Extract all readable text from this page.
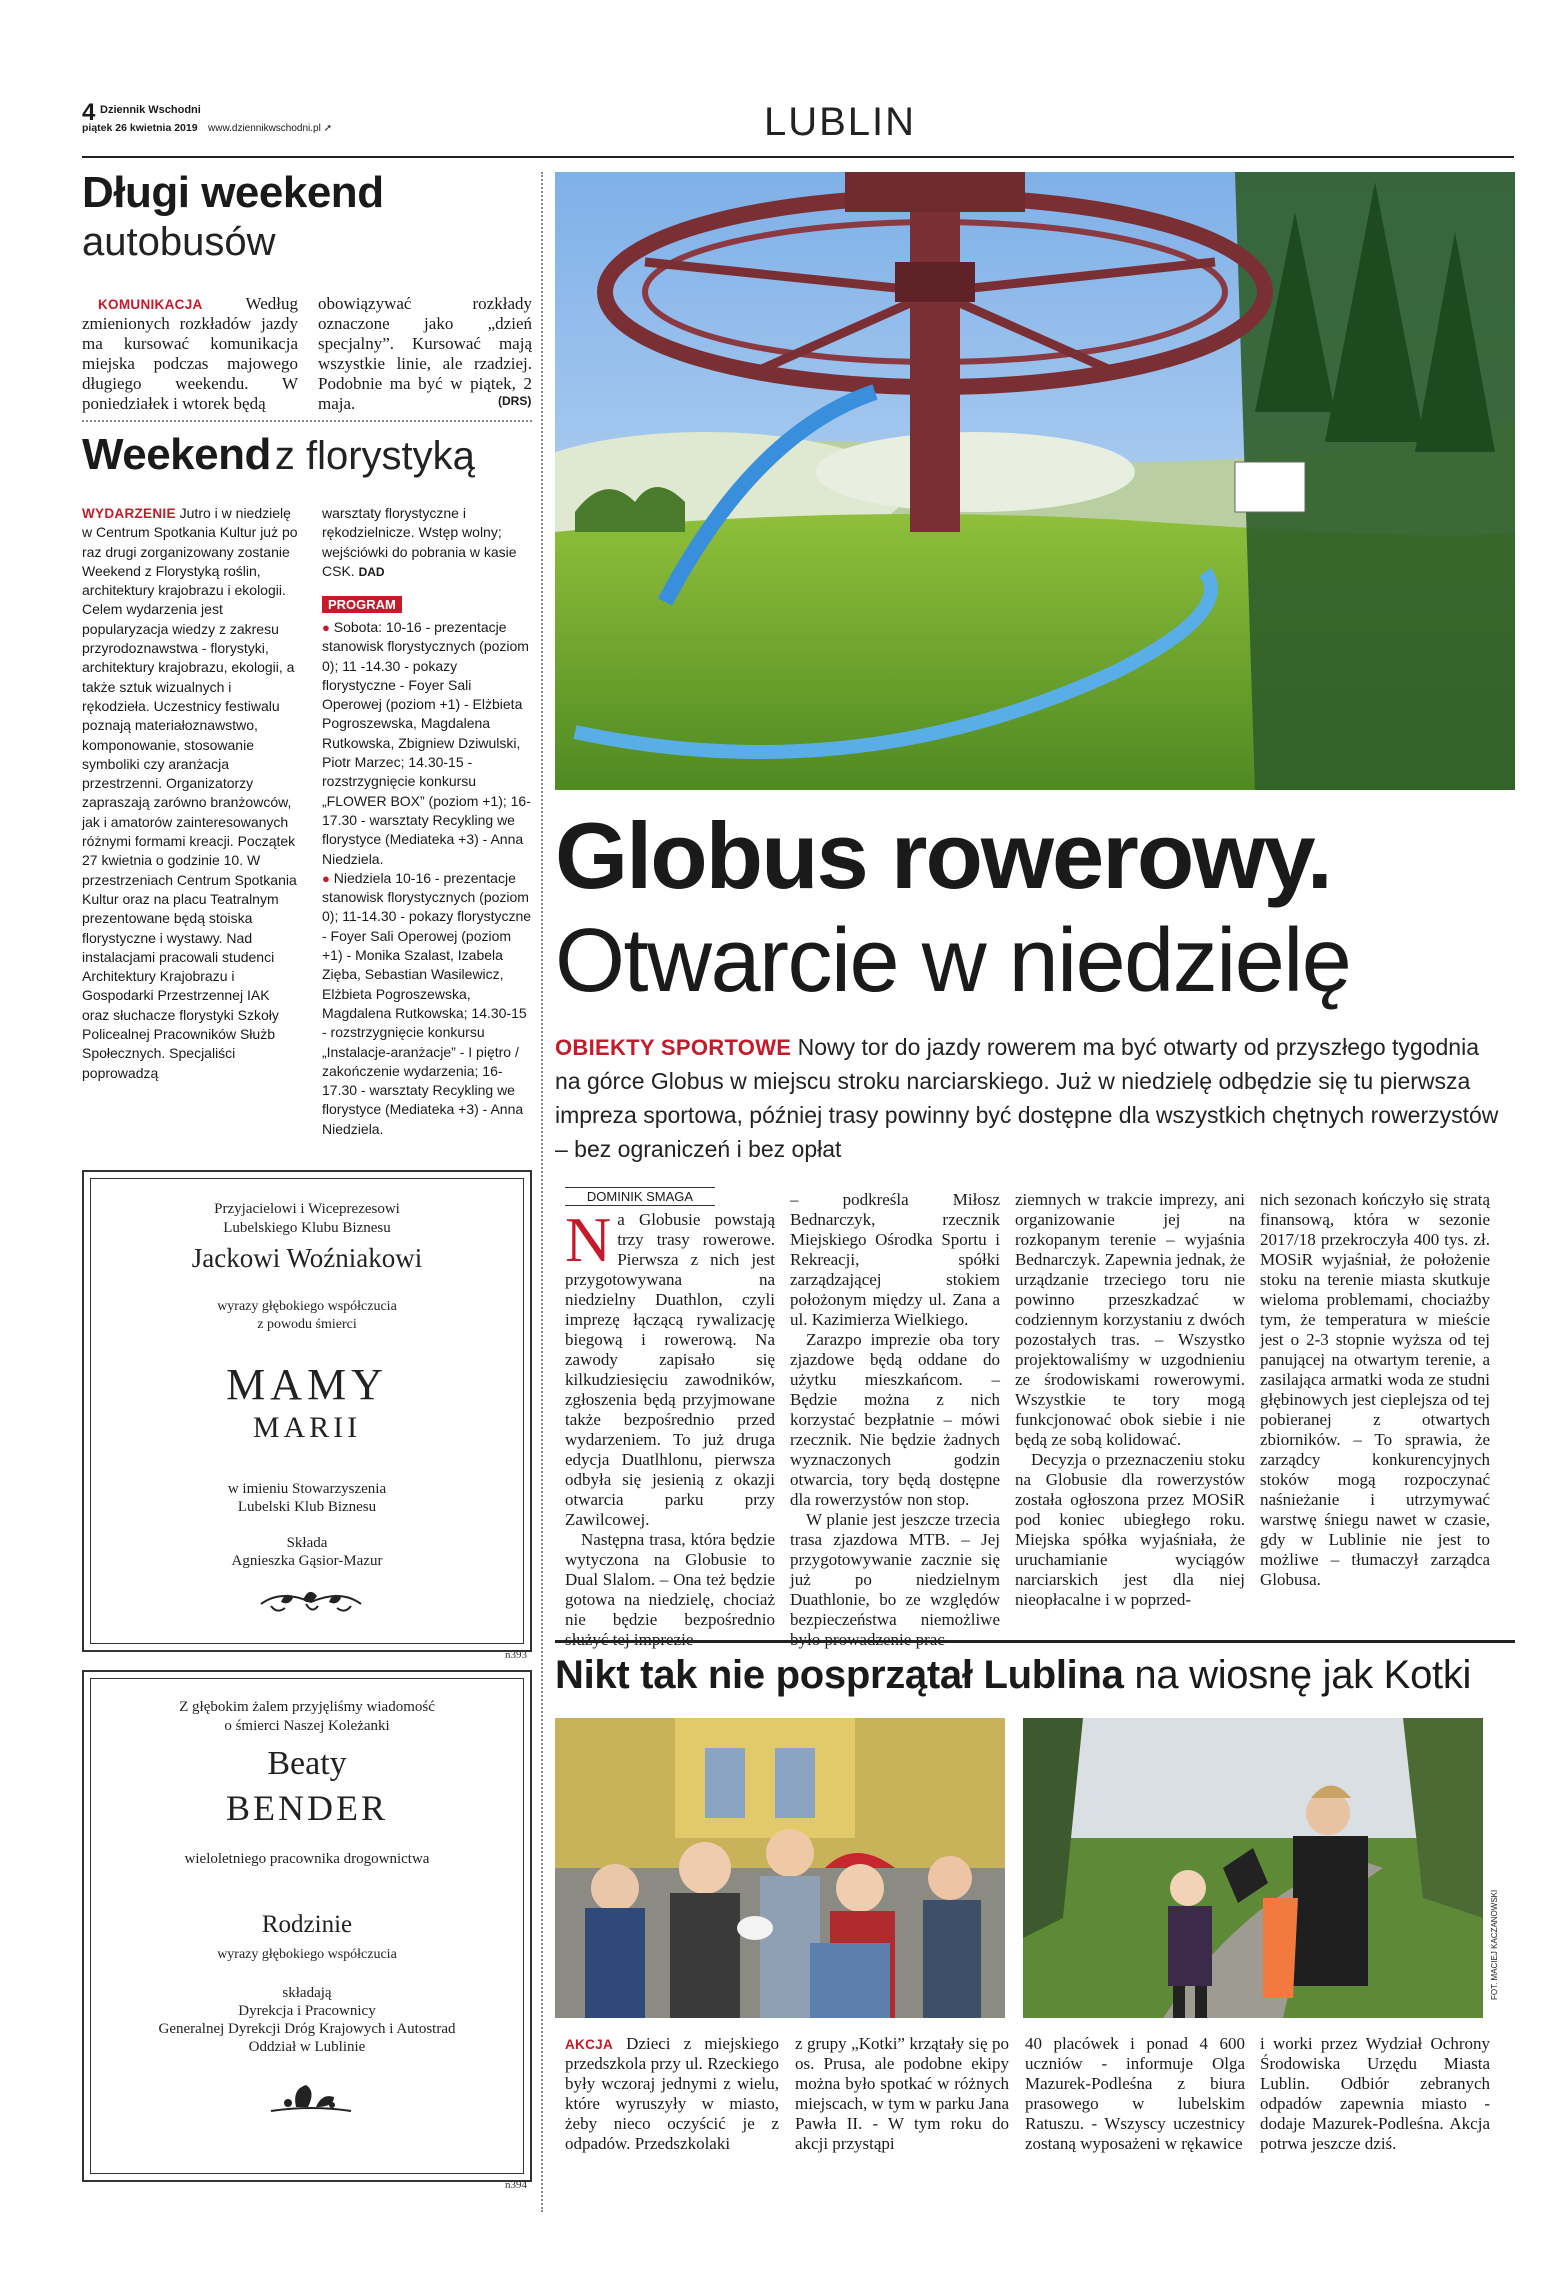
4 Dziennik Wschodni
piątek 26 kwietnia 2019 www.dziennikwschodni.pl ➚	LUBLIN
Długi weekend
autobusów
KOMUNIKACJA	Według zmienionych rozkładów jazdy ma kursować komunikacja miejska podczas majowego długiego weekendu. W poniedziałek i wtorek będą
obowiązywać rozkłady oznaczone jako „dzień specjalny”. Kursować mają wszystkie linie, ale rzadziej. Podobnie ma być w piątek, 2 maja.	(DRS)
Weekend z florystyką
WYDARZENIE Jutro i w niedzielę w Centrum Spotkania Kultur już po raz drugi zorganizowany zostanie Weekend z Florystyką roślin, architektury krajobrazu i ekologii. Celem wydarzenia jest popularyzacja wiedzy z zakresu przyrodoznawstwa - florystyki, architektury krajobrazu, ekologii, a także sztuk wizualnych i rękodzieła. Uczestnicy festiwalu poznają materiałoznawstwo, komponowanie, stosowanie symboliki czy aranżacja przestrzenni. Organizatorzy zapraszają zarówno branżowców, jak i amatorów zainteresowanych różnymi formami kreacji. Początek 27 kwietnia o godzinie 10. W przestrzeniach Centrum Spotkania Kultur oraz na placu Teatralnym prezentowane będą stoiska florystyczne i wystawy. Nad instalacjami pracowali studenci Architektury Krajobrazu i Gospodarki Przestrzennej IAK oraz słuchacze florystyki Szkoły Policealnej Pracowników Służb Społecznych. Specjaliści poprowadzą
warsztaty florystyczne i rękodzielnicze. Wstęp wolny; wejściówki do pobrania w kasie CSK. DAD
PROGRAM
● Sobota: 10-16 - prezentacje stanowisk florystycznych (poziom 0); 11 -14.30 - pokazy florystyczne - Foyer Sali Operowej (poziom +1) - Elżbieta Pogroszewska, Magdalena Rutkowska, Zbigniew Dziwulski, Piotr Marzec; 14.30-15 - rozstrzygnięcie konkursu „FLOWER BOX” (poziom +1); 16-17.30 - warsztaty Recykling we florystyce (Mediateka +3) - Anna Niedziela.
● Niedziela 10-16 - prezentacje stanowisk florystycznych (poziom 0); 11-14.30 - pokazy florystyczne - Foyer Sali Operowej (poziom +1) - Monika Szalast, Izabela Zięba, Sebastian Wasilewicz, Elżbieta Pogroszewska, Magdalena Rutkowska; 14.30-15 - rozstrzygnięcie konkursu „Instalacje-aranżacje” - I piętro / zakończenie wydarzenia; 16-17.30 - warsztaty Recykling we florystyce (Mediateka +3) - Anna Niedziela.
Przyjacielowi i Wiceprezesowi
Lubelskiego Klubu Biznesu
Jackowi Woźniakowi
wyrazy głębokiego współczucia
z powodu śmierci
MAMY
MARII
w imieniu Stowarzyszenia
Lubelski Klub Biznesu
Składa
Agnieszka Gąsior-Mazur
n393
Z głębokim żalem przyjęliśmy wiadomość
o śmierci Naszej Koleżanki
Beaty
BENDER
wieloletniego pracownika drogownictwa
Rodzinie
wyrazy głębokiego współczucia
składają
Dyrekcja i Pracownicy
Generalnej Dyrekcji Dróg Krajowych i Autostrad
Oddział w Lublinie
n394
Globus rowerowy.
Otwarcie w niedzielę
OBIEKTY SPORTOWE Nowy tor do jazdy rowerem ma być otwarty od przyszłego tygodnia na górce Globus w miejscu stroku narciarskiego. Już w niedzielę odbędzie się tu pierwsza impreza sportowa, później trasy powinny być dostępne dla wszystkich chętnych rowerzystów – bez ograniczeń i bez opłat
DOMINIK SMAGA
Na Globusie powstają trzy trasy rowerowe. Pierwsza z nich jest przygotowywana na niedzielny Duathlon, czyli imprezę łączącą rywalizację biegową i rowerową. Na zawody zapisało się kilkudziesięciu zawodników, zgłoszenia będą przyjmowane także bezpośrednio przed wydarzeniem. To już druga edycja Duatlhlonu, pierwsza odbyła się jesienią z okazji otwarcia parku przy Zawilcowej.

Następna trasa, która będzie wytyczona na Globusie to Dual Slalom. – Ona też będzie gotowa na niedzielę, chociaż nie będzie bezpośrednio

– podkreśla Miłosz Bednarczyk, rzecznik Miejskiego Ośrodka Sportu i Rekreacji, spółki zarządzającej stokiem położonym między ul. Zana a ul. Kazimierza Wielkiego.

Zarazpo imprezie oba tory zjazdowe będą oddane do użytku mieszkańcom. – Będzie można z nich korzystać bezpłatnie – mówi rzecznik. Nie będzie żadnych wyznaczonych godzin otwarcia, tory będą dostępne dla rowerzystów non stop.

W planie jest jeszcze trzecia trasa zjazdowa MTB. – Jej przygotowywanie zacznie się już po niedzielnym Duathlonie, bo ze względów bezpieczeństwa niemożliwe

ziemnych w trakcie imprezy, ani organizowanie jej na rozkopanym terenie – wyjaśnia Bednarczyk. Zapewnia jednak, że urządzanie trzeciego toru nie powinno przeszkadzać w codziennym korzystaniu z dwóch pozostałych tras. – Wszystko projektowaliśmy w uzgodnieniu ze środowiskami rowerowymi. Wszystkie te tory mogą funkcjonować obok siebie i nie będą ze sobą kolidować.

Decyzja o przeznaczeniu stoku na Globusie dla rowerzystów została ogłoszona przez MOSiR pod koniec ubiegłego roku. Miejska spółka wyjaśniała, że uruchamianie wyciągów narciarskich jest dla niej nieopłacalne i w poprzed-

nich sezonach kończyło się stratą finansową, która w sezonie 2017/18 przekroczyła 400 tys. zł. MOSiR wyjaśniał, że położenie stoku na terenie miasta skutkuje wieloma problemami, chociażby tym, że temperatura w mieście jest o 2-3 stopnie wyższa od tej panującej na otwartym terenie, a zasilająca armatki woda ze studni głębinowych jest cieplejsza od tej pobieranej z otwartych zbiorników. – To sprawia, że zarządcy konkurencyjnych stoków mogą rozpoczynać naśnieżanie i utrzymywać warstwę śniegu nawet w czasie, gdy w Lublinie nie jest to możliwe – tłumaczył zarządca Globusa.

Nikt tak nie posprzątał Lublina na wiosnę jak Kotki
FOT. MACIEJ KACZANOWSKI
AKCJA Dzieci z miejskiego przedszkola przy ul. Rzeckiego były wczoraj jednymi z wielu, które wyruszyły w miasto, żeby nieco oczyścić je z odpadów. Przedszkolaki
z grupy „Kotki” krzątały się po os. Prusa, ale podobne ekipy można było spotkać w różnych miejscach, w tym w parku Jana Pawła II. - W tym roku do akcji przystąpi
40 placówek i ponad 4 600 uczniów - informuje Olga Mazurek-Podleśna z biura prasowego w lubelskim Ratuszu. - Wszyscy uczestnicy zostaną wyposażeni w rękawice
i worki przez Wydział Ochrony Środowiska Urzędu Miasta Lublin. Odbiór zebranych odpadów zapewnia miasto - dodaje Mazurek-Podleśna. Akcja potrwa jeszcze dziś.
